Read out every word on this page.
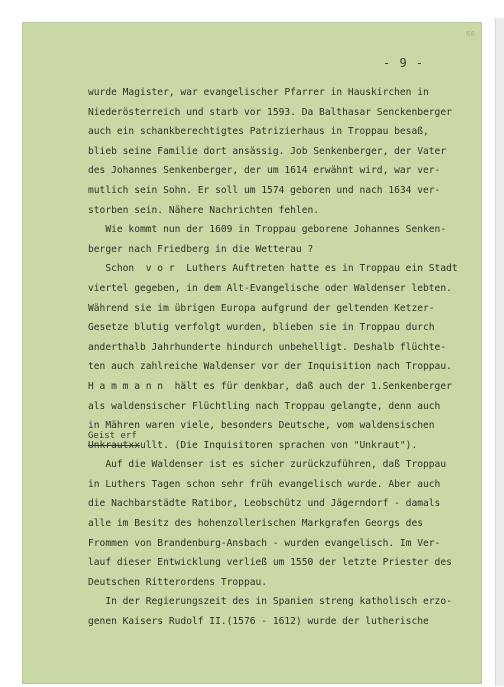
66
- 9 -
wurde Magister, war evangelischer Pfarrer in Hauskirchen in
Niederösterreich und starb vor 1593. Da Balthasar Senckenberger
auch ein schankberechtigtes Patrizierhaus in Troppau besaß,
blieb seine Familie dort ansässig. Job Senkenberger, der Vater
des Johannes Senkenberger, der um 1614 erwähnt wird, war ver-
mutlich sein Sohn. Er soll um 1574 geboren und nach 1634 ver-
storben sein. Nähere Nachrichten fehlen.
Wie kommt nun der 1609 in Troppau geborene Johannes Senken-
berger nach Friedberg in die Wetterau ?
Schon  v o r  Luthers Auftreten hatte es in Troppau ein Stadt
viertel gegeben, in dem Alt-Evangelische oder Waldenser lebten.
Während sie im übrigen Europa aufgrund der geltenden Ketzer-
Gesetze blutig verfolgt wurden, blieben sie in Troppau durch
anderthalb Jahrhunderte hindurch unbehelligt. Deshalb flüchte-
ten auch zahlreiche Waldenser vor der Inquisition nach Troppau.
H a m m a n n  hält es für denkbar, daß auch der 1.Senkenberger
als waldensischer Flüchtling nach Troppau gelangte, denn auch
in Mähren waren viele, besonders Deutsche, vom waldensischen
Geist erf
Unkrautxxullt. (Die Inquisitoren sprachen von "Unkraut").
Auf die Waldenser ist es sicher zurückzuführen, daß Troppau
in Luthers Tagen schon sehr früh evangelisch wurde. Aber auch
die Nachbarstädte Ratibor, Leobschütz und Jägerndorf - damals
alle im Besitz des hohenzollerischen Markgrafen Georgs des
Frommen von Brandenburg-Ansbach - wurden evangelisch. Im Ver-
lauf dieser Entwicklung verließ um 1550 der letzte Priester des
Deutschen Ritterordens Troppau.
In der Regierungszeit des in Spanien streng katholisch erzo-
genen Kaisers Rudolf II.(1576 - 1612) wurde der lutherische
